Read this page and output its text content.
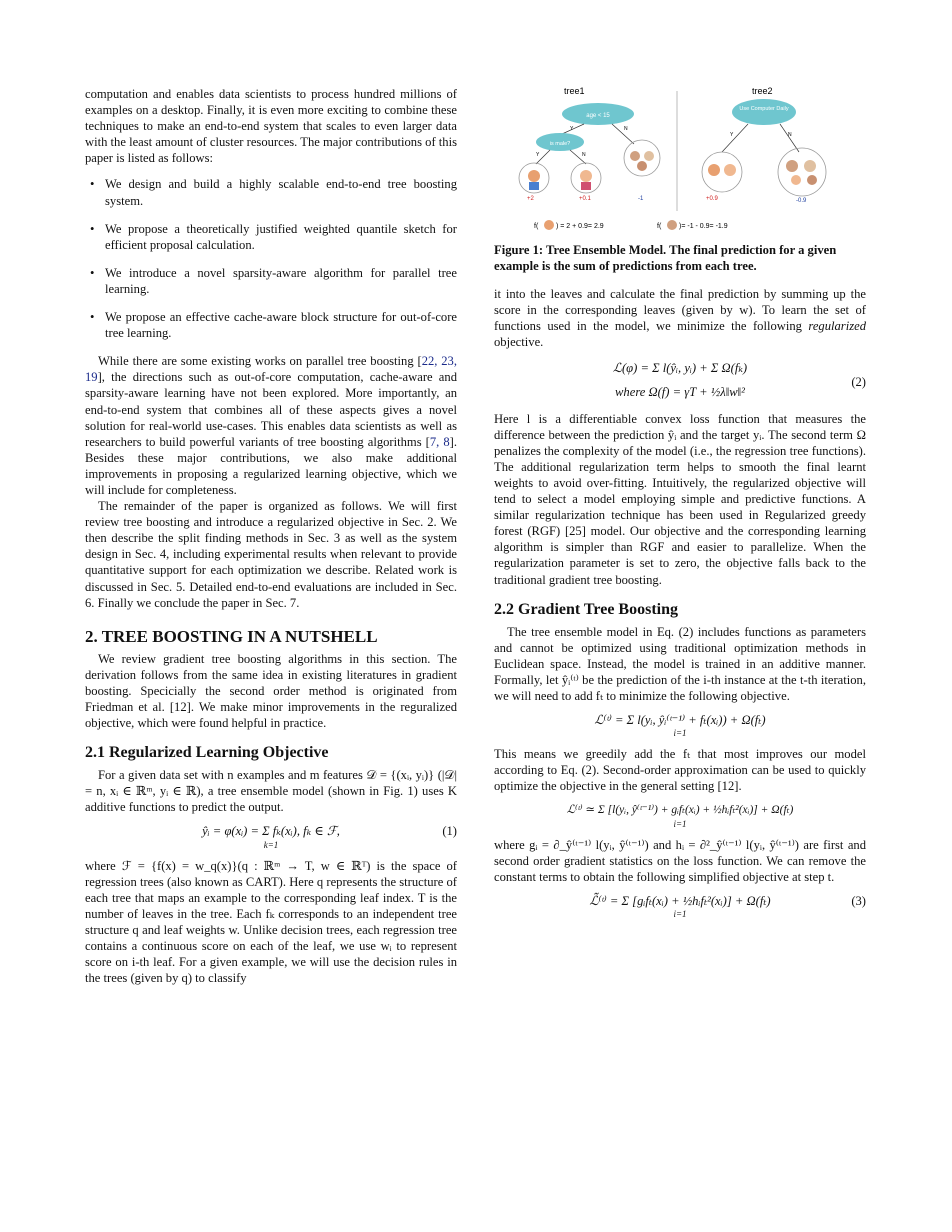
computation and enables data scientists to process hundred millions of examples on a desktop. Finally, it is even more exciting to combine these techniques to make an end-to-end system that scales to even larger data with the least amount of cluster resources. The major contributions of this paper is listed as follows:

• We design and build a highly scalable end-to-end tree boosting system.
• We propose a theoretically justified weighted quantile sketch for efficient proposal calculation.
• We introduce a novel sparsity-aware algorithm for parallel tree learning.
• We propose an effective cache-aware block structure for out-of-core tree learning.

While there are some existing works on parallel tree boosting [22, 23, 19], the directions such as out-of-core computation, cache-aware and sparsity-aware learning have not been explored. More importantly, an end-to-end system that combines all of these aspects gives a novel solution for real-world use-cases. This enables data scientists as well as researchers to build powerful variants of tree boosting algorithms [7, 8]. Besides these major contributions, we also make additional improvements in proposing a regularized learning objective, which we will include for completeness.

The remainder of the paper is organized as follows. We will first review tree boosting and introduce a regularized objective in Sec. 2. We then describe the split finding methods in Sec. 3 as well as the system design in Sec. 4, including experimental results when relevant to provide quantitative support for each optimization we describe. Related work is discussed in Sec. 5. Detailed end-to-end evaluations are included in Sec. 6. Finally we conclude the paper in Sec. 7.

2. TREE BOOSTING IN A NUTSHELL

We review gradient tree boosting algorithms in this section. The derivation follows from the same idea in existing literatures in gradient boosting. Specicially the second order method is originated from Friedman et al. [12]. We make minor improvements in the reguralized objective, which were found helpful in practice.

2.1 Regularized Learning Objective

For a given data set with n examples and m features 𝒟 = {(xᵢ, yᵢ)} (|𝒟| = n, xᵢ ∈ ℝᵐ, yᵢ ∈ ℝ), a tree ensemble model (shown in Fig. 1) uses K additive functions to predict the output.

ŷᵢ = φ(xᵢ) = Σ fₖ(xᵢ), fₖ ∈ ℱ,
k=1
(1)

where ℱ = {f(x) = w_q(x)}(q : ℝᵐ → T, w ∈ ℝᵀ) is the space of regression trees (also known as CART). Here q represents the structure of each tree that maps an example to the corresponding leaf index. T is the number of leaves in the tree. Each fₖ corresponds to an independent tree structure q and leaf weights w. Unlike decision trees, each regression tree contains a continuous score on each of the leaf, we use wᵢ to represent score on i-th leaf. For a given example, we will use the decision rules in the trees (given by q) to classify

tree1
age < 15
Y	N
is male?
Y	N
+2	+0.1	-1
tree2
Use Computer Daily
Y	N
+0.9	-0.9
f(	) = 2 + 0.9= 2.9	f(	)= -1 - 0.9= -1.9

Figure 1: Tree Ensemble Model. The final prediction for a given example is the sum of predictions from each tree.

it into the leaves and calculate the final prediction by summing up the score in the corresponding leaves (given by w). To learn the set of functions used in the model, we minimize the following regularized objective.

ℒ(φ) = Σ l(ŷᵢ, yᵢ) + Σ Ω(fₖ)
where Ω(f) = γT + ½λ‖w‖²
(2)

Here l is a differentiable convex loss function that measures the difference between the prediction ŷᵢ and the target yᵢ. The second term Ω penalizes the complexity of the model (i.e., the regression tree functions). The additional regularization term helps to smooth the final learnt weights to avoid over-fitting. Intuitively, the regularized objective will tend to select a model employing simple and predictive functions. A similar regularization technique has been used in Regularized greedy forest (RGF) [25] model. Our objective and the corresponding learning algorithm is simpler than RGF and easier to parallelize. When the regularization parameter is set to zero, the objective falls back to the traditional gradient tree boosting.

2.2 Gradient Tree Boosting

The tree ensemble model in Eq. (2) includes functions as parameters and cannot be optimized using traditional optimization methods in Euclidean space. Instead, the model is trained in an additive manner. Formally, let ŷᵢ⁽ᵗ⁾ be the prediction of the i-th instance at the t-th iteration, we will need to add fₜ to minimize the following objective.

ℒ⁽ᵗ⁾ = Σ l(yᵢ, ŷᵢ⁽ᵗ⁻¹⁾ + fₜ(xᵢ)) + Ω(fₜ)
i=1

This means we greedily add the fₜ that most improves our model according to Eq. (2). Second-order approximation can be used to quickly optimize the objective in the general setting [12].

ℒ⁽ᵗ⁾ ≃ Σ [l(yᵢ, ŷ⁽ᵗ⁻¹⁾) + gᵢfₜ(xᵢ) + ½hᵢfₜ²(xᵢ)] + Ω(fₜ)
i=1

where gᵢ = ∂_ŷ⁽ᵗ⁻¹⁾ l(yᵢ, ŷ⁽ᵗ⁻¹⁾) and hᵢ = ∂²_ŷ⁽ᵗ⁻¹⁾ l(yᵢ, ŷ⁽ᵗ⁻¹⁾) are first and second order gradient statistics on the loss function. We can remove the constant terms to obtain the following simplified objective at step t.

ℒ̃⁽ᵗ⁾ = Σ [gᵢfₜ(xᵢ) + ½hᵢfₜ²(xᵢ)] + Ω(fₜ)
i=1
(3)
